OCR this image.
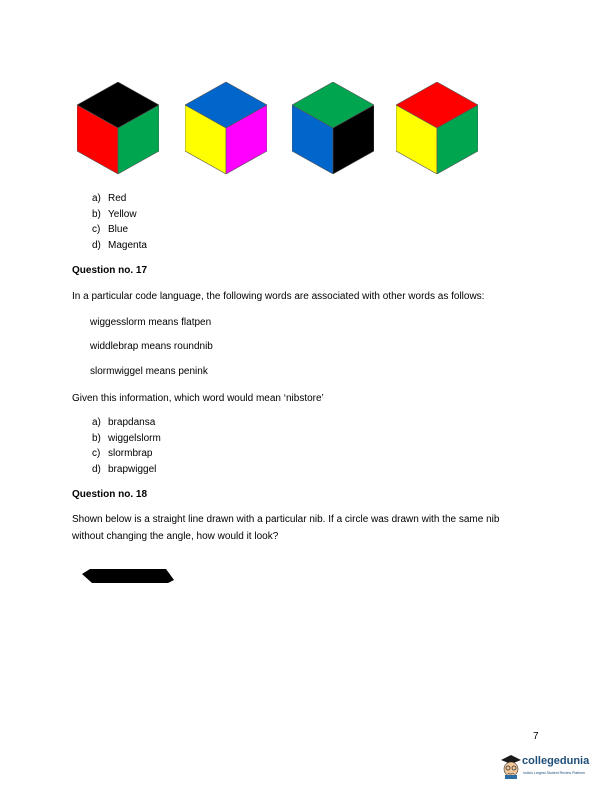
a) Red
b) Yellow
c) Blue
d) Magenta
Question no. 17
In a particular code language, the following words are associated with other words as follows:
wiggesslorm means flatpen
widdlebrap means roundnib
slormwiggel means penink
Given this information, which word would mean ‘nibstore’
a) brapdansa
b) wiggelslorm
c) slormbrap
d) brapwiggel
Question no. 18
Shown below is a straight line drawn with a particular nib. If a circle was drawn with the same nib without changing the angle, how would it look?
7
collegedunia
India's Largest Student Review Platform
